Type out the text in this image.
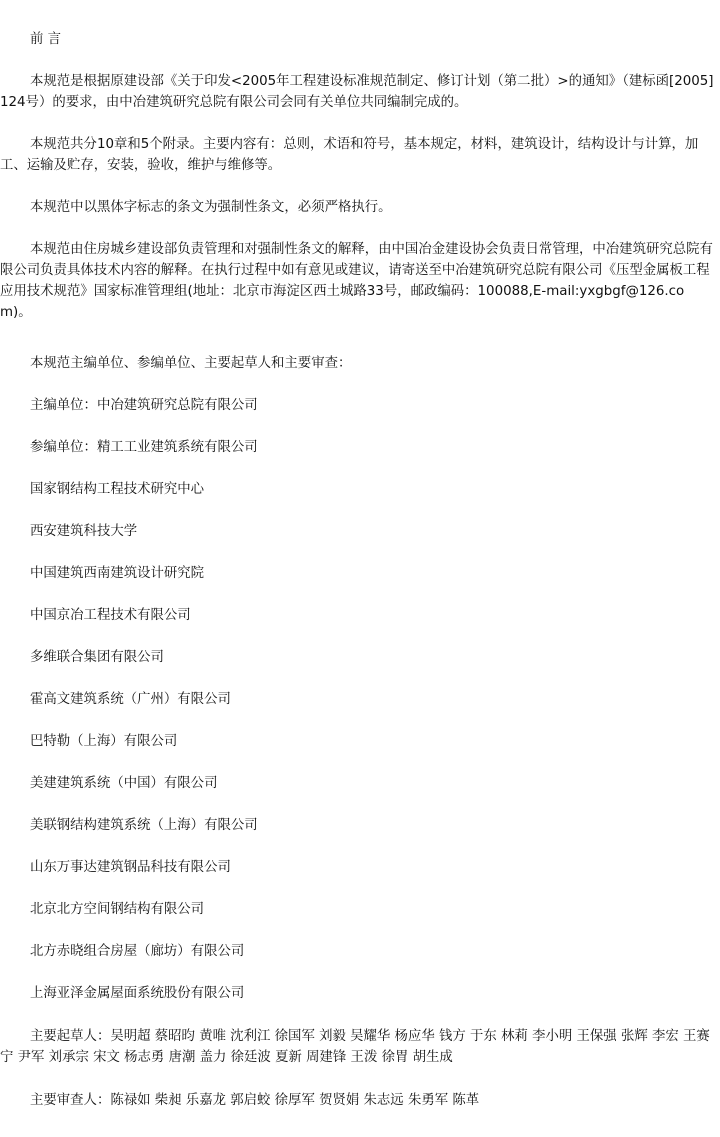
前 言
本规范是根据原建设部《关于印发<2005年工程建设标准规范制定、修订计划（第二批）>的通知》（建标函[2005]124号）的要求，由中冶建筑研究总院有限公司会同有关单位共同编制完成的。
本规范共分10章和5个附录。主要内容有：总则，术语和符号，基本规定，材料，建筑设计，结构设计与计算，加工、运输及贮存，安装，验收，维护与维修等。
本规范中以黑体字标志的条文为强制性条文，必须严格执行。
本规范由住房城乡建设部负责管理和对强制性条文的解释，由中国冶金建设协会负责日常管理，中冶建筑研究总院有限公司负责具体技术内容的解释。在执行过程中如有意见或建议，请寄送至中冶建筑研究总院有限公司《压型金属板工程应用技术规范》国家标准管理组(地址：北京市海淀区西土城路33号，邮政编码：100088,E-mail:yxgbgf@126.com)。
本规范主编单位、参编单位、主要起草人和主要审查：
主编单位：中冶建筑研究总院有限公司
参编单位：精工工业建筑系统有限公司
国家钢结构工程技术研究中心
西安建筑科技大学
中国建筑西南建筑设计研究院
中国京冶工程技术有限公司
多维联合集团有限公司
霍高文建筑系统（广州）有限公司
巴特勒（上海）有限公司
美建建筑系统（中国）有限公司
美联钢结构建筑系统（上海）有限公司
山东万事达建筑钢品科技有限公司
北京北方空间钢结构有限公司
北方赤晓组合房屋（廊坊）有限公司
上海亚泽金属屋面系统股份有限公司
主要起草人：吴明超 蔡昭昀 黄唯 沈利江 徐国军 刘毅 吴耀华 杨应华 钱方 于东 林莉 李小明 王保强 张辉 李宏 王赛宁 尹军 刘承宗 宋文 杨志勇 唐潮 盖力 徐廷波 夏新 周建锋 王泼 徐胃 胡生成
主要审查人：陈禄如 柴昶 乐嘉龙 郭启蛟 徐厚军 贺贤娟 朱志远 朱勇军 陈革
